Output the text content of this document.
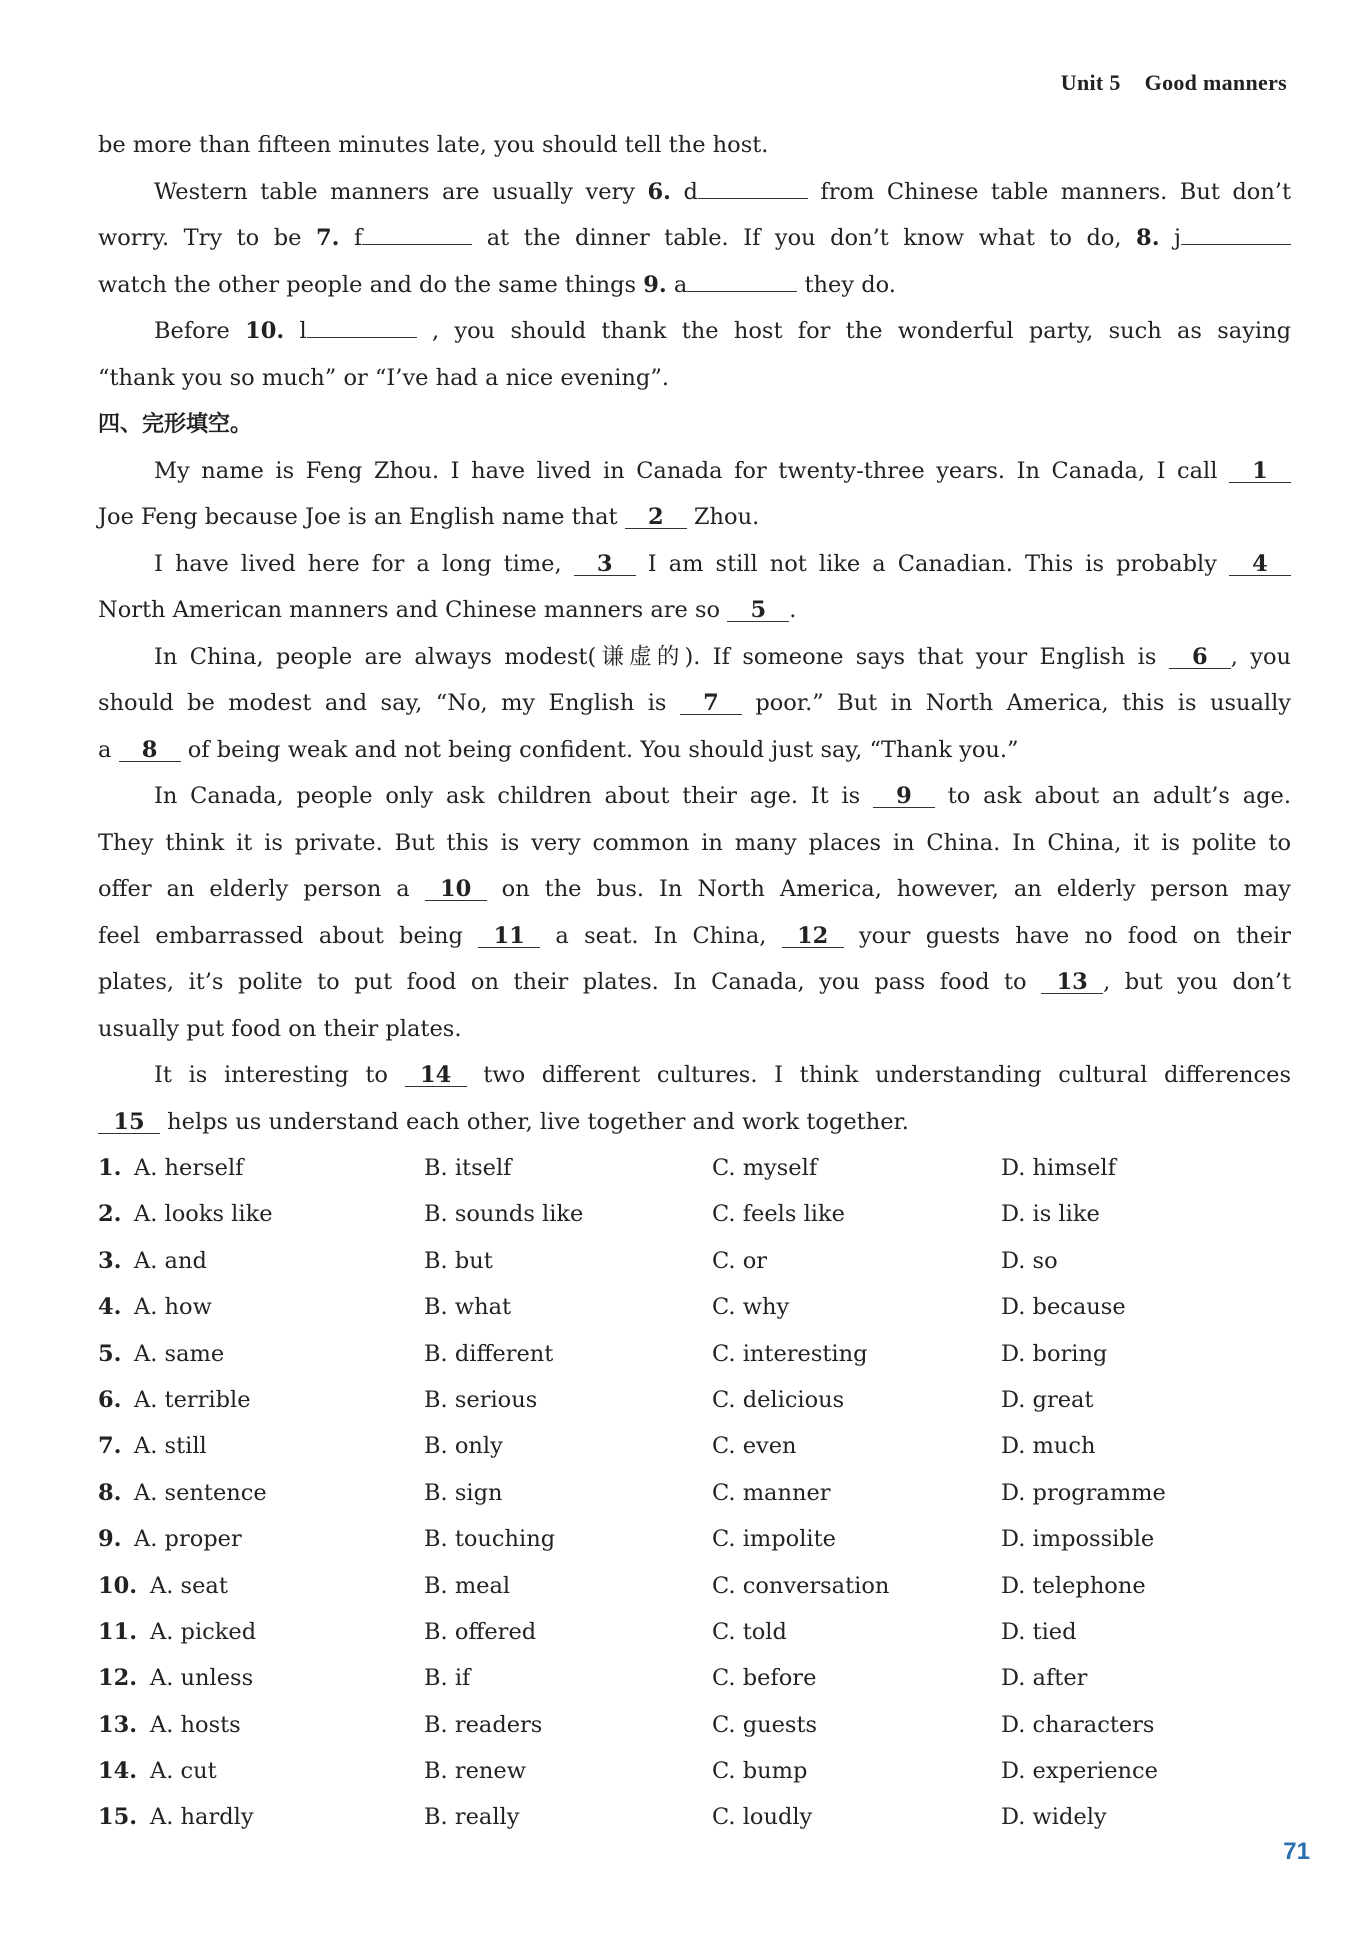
Unit 5 Good manners
be more than fifteen minutes late, you should tell the host.
Western table manners are usually very 6. d	from Chinese table manners. But don’t
worry. Try to be 7. f	at the dinner table. If you don’t know what to do, 8. j
watch the other people and do the same things 9. a	they do.
Before 10. l	, you should thank the host for the wonderful party, such as saying
“thank you so much” or “I’ve had a nice evening”.
四、完形填空。
My name is Feng Zhou. I have lived in Canada for twenty-three years. In Canada, I call 1
Joe Feng because Joe is an English name that 2 Zhou.
I have lived here for a long time, 3 I am still not like a Canadian. This is probably 4
North American manners and Chinese manners are so 5 .
In China, people are always modest(谦虚的). If someone says that your English is 6 , you
should be modest and say, “No, my English is 7 poor.” But in North America, this is usually
a 8 of being weak and not being confident. You should just say, “Thank you.”
In Canada, people only ask children about their age. It is 9 to ask about an adult’s age.
They think it is private. But this is very common in many places in China. In China, it is polite to
offer an elderly person a 10 on the bus. In North America, however, an elderly person may
feel embarrassed about being 11 a seat. In China, 12 your guests have no food on their
plates, it’s polite to put food on their plates. In Canada, you pass food to 13 , but you don’t
usually put food on their plates.
It is interesting to 14 two different cultures. I think understanding cultural differences
15 helps us understand each other, live together and work together.
1. A. herself	B. itself	C. myself	D. himself
2. A. looks like	B. sounds like	C. feels like	D. is like
3. A. and	B. but	C. or	D. so
4. A. how	B. what	C. why	D. because
5. A. same	B. different	C. interesting	D. boring
6. A. terrible	B. serious	C. delicious	D. great
7. A. still	B. only	C. even	D. much
8. A. sentence	B. sign	C. manner	D. programme
9. A. proper	B. touching	C. impolite	D. impossible
10. A. seat	B. meal	C. conversation	D. telephone
11. A. picked	B. offered	C. told	D. tied
12. A. unless	B. if	C. before	D. after
13. A. hosts	B. readers	C. guests	D. characters
14. A. cut	B. renew	C. bump	D. experience
15. A. hardly	B. really	C. loudly	D. widely
71
